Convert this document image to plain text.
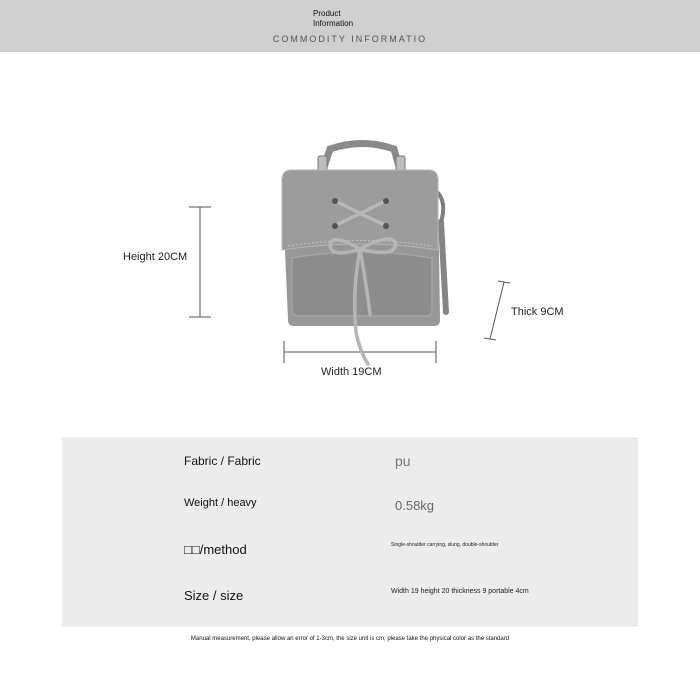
Product
Information
COMMODITY INFORMATIO
Height 20CM
Width 19CM
Thick 9CM
Fabric / Fabric	pu
Weight / heavy	0.58kg
□□/method	Single-shoulder carrying, slung, double-shoulder
Size / size	Width 19 height 20 thickness 9 portable 4cm
Manual measurement, please allow an error of 1-3cm, the size unit is cm, please take the physical color as the standard
